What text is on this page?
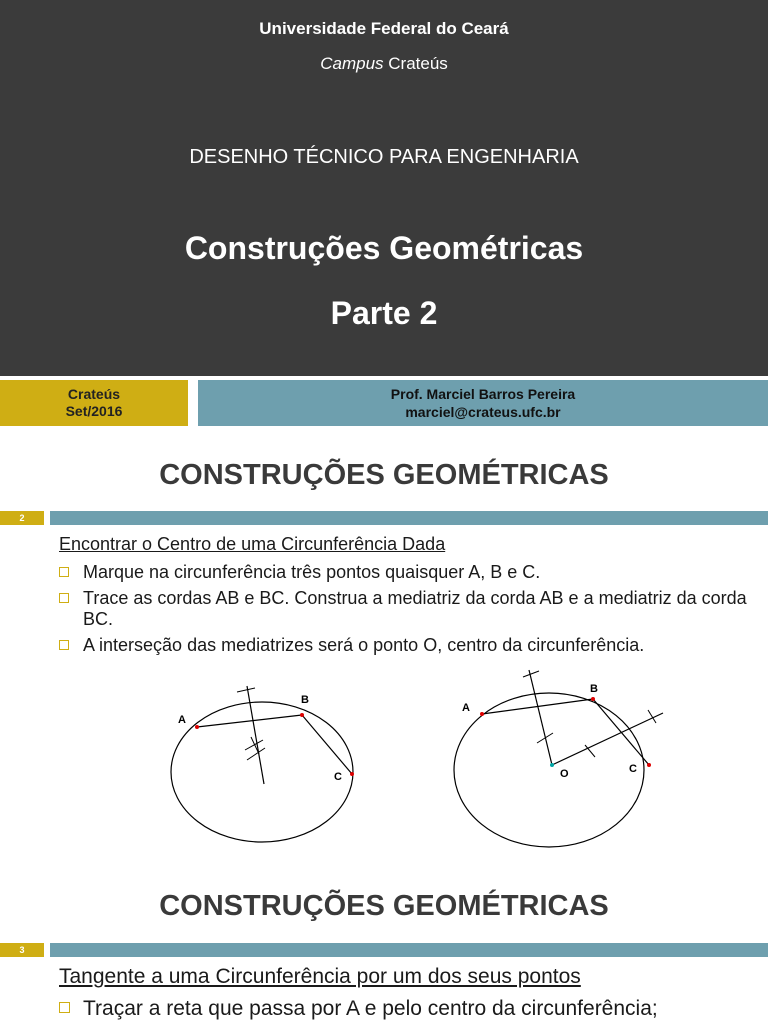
Universidade Federal do Ceará
Campus Crateús
DESENHO TÉCNICO PARA ENGENHARIA
Construções Geométricas
Parte 2
Crateús
Set/2016
Prof. Marciel Barros Pereira
marciel@crateus.ufc.br
CONSTRUÇÕES GEOMÉTRICAS
2
Encontrar o Centro de uma Circunferência Dada
Marque na circunferência três pontos quaisquer A, B e C.
Trace as cordas AB e BC. Construa a mediatriz da corda AB e a mediatriz da corda BC.
A interseção das mediatrizes será o ponto O, centro da circunferência.
A
B
C
A
B
C
O
CONSTRUÇÕES GEOMÉTRICAS
3
Tangente a uma Circunferência por um dos seus pontos
Traçar a reta que passa por A e pelo centro da circunferência;
